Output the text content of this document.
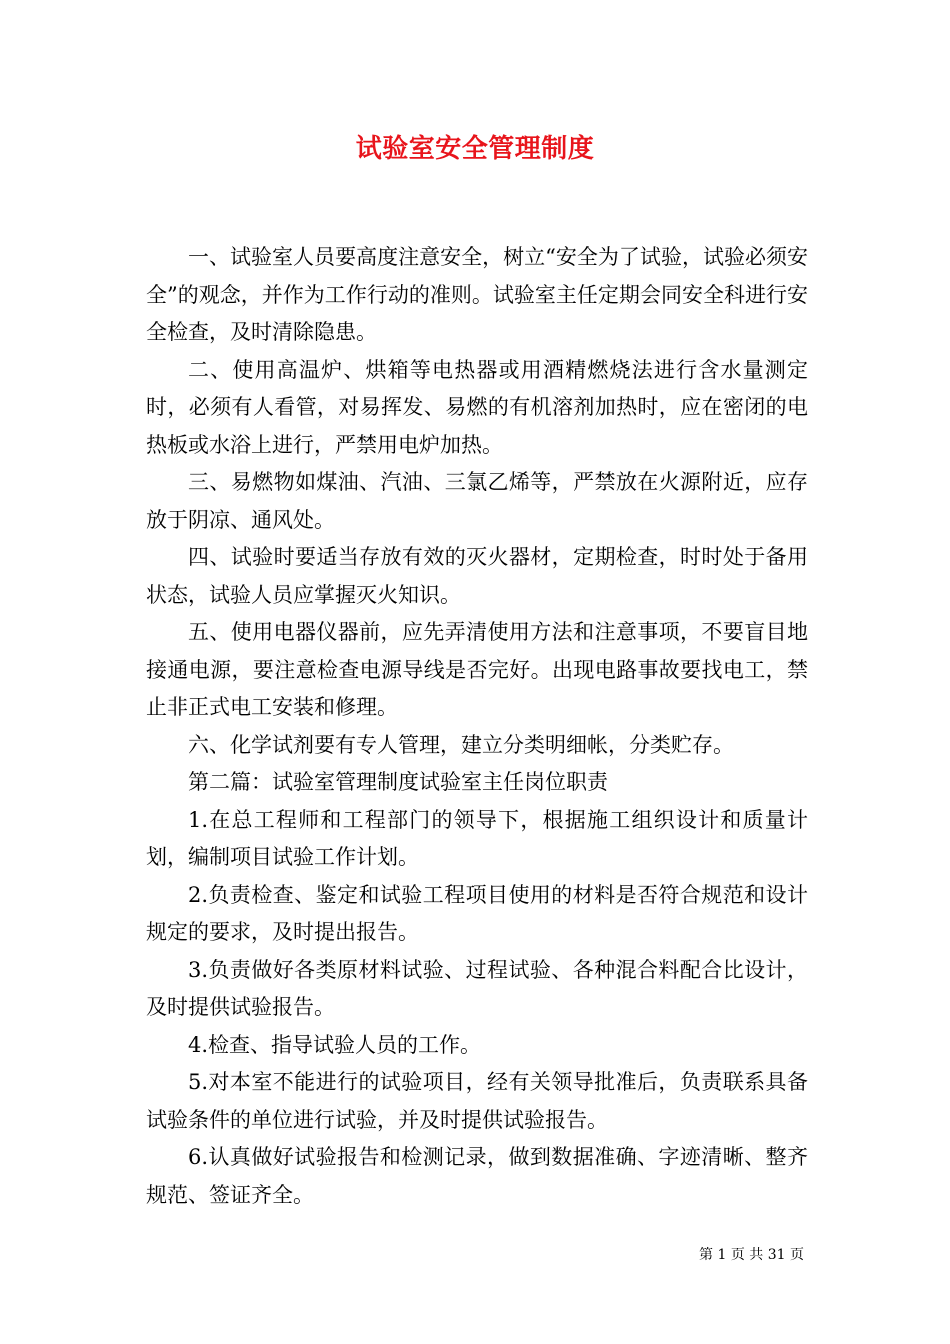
试验室安全管理制度

一、试验室人员要高度注意安全，树立“安全为了试验，试验必须安全”的观念，并作为工作行动的准则。试验室主任定期会同安全科进行安全检查，及时清除隐患。

二、使用高温炉、烘箱等电热器或用酒精燃烧法进行含水量测定时，必须有人看管，对易挥发、易燃的有机溶剂加热时，应在密闭的电热板或水浴上进行，严禁用电炉加热。

三、易燃物如煤油、汽油、三氯乙烯等，严禁放在火源附近，应存放于阴凉、通风处。

四、试验时要适当存放有效的灭火器材，定期检查，时时处于备用状态，试验人员应掌握灭火知识。

五、使用电器仪器前，应先弄清使用方法和注意事项，不要盲目地接通电源，要注意检查电源导线是否完好。出现电路事故要找电工，禁止非正式电工安装和修理。

六、化学试剂要有专人管理，建立分类明细帐，分类贮存。

第二篇：试验室管理制度试验室主任岗位职责

1.在总工程师和工程部门的领导下，根据施工组织设计和质量计划，编制项目试验工作计划。

2.负责检查、鉴定和试验工程项目使用的材料是否符合规范和设计规定的要求，及时提出报告。

3.负责做好各类原材料试验、过程试验、各种混合料配合比设计，及时提供试验报告。

4.检查、指导试验人员的工作。

5.对本室不能进行的试验项目，经有关领导批准后，负责联系具备试验条件的单位进行试验，并及时提供试验报告。

6.认真做好试验报告和检测记录，做到数据准确、字迹清晰、整齐规范、签证齐全。

第 1 页 共 31 页
